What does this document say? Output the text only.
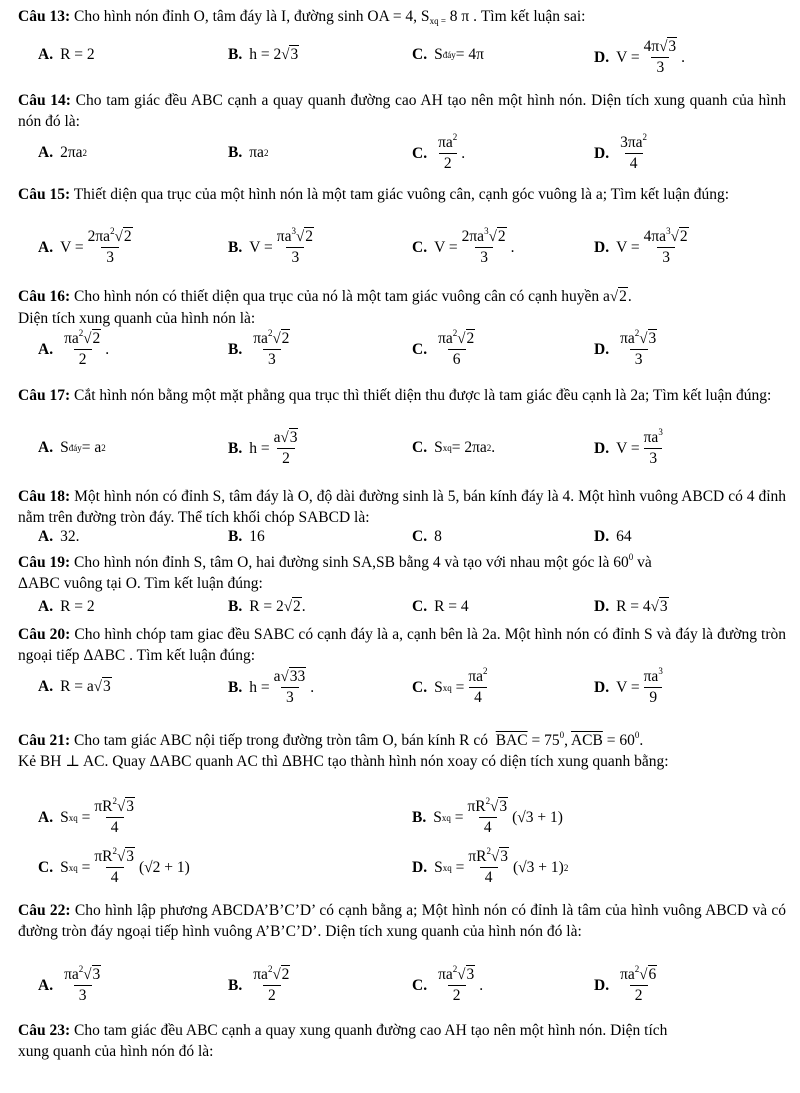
Câu 13: Cho hình nón đỉnh O, tâm đáy là I, đường sinh OA = 4, $S_{xq =}$ 8 π . Tìm kết luận sai:
A. R = 2	B. h = 2 √3	C. S đáy = 4π	D. $V = \frac{4\pi√3}{3}$ .
Câu 14: Cho tam giác đều ABC cạnh a quay quanh đường cao AH tạo nên một hình nón. Diện tích xung quanh của hình nón đó là:
A. 2πa 2	B. πa 2	C. $\frac{\pi a^2}{2}$ .	D. $\frac{3\pi a^2}{4}$
Câu 15: Thiết diện qua trục của một hình nón là một tam giác vuông cân, cạnh góc vuông là a; Tìm kết luận đúng:
A. $V = \frac{2\pi a^2√2}{3}$	B. $V = \frac{\pi a^3√2}{3}$	C. $V = \frac{2\pi a^3√2}{3}$ .	D. $V = \frac{4\pi a^3√2}{3}$
Câu 16: Cho hình nón có thiết diện qua trục của nó là một tam giác vuông cân có cạnh huyền a√2.
Diện tích xung quanh của hình nón là:
A. $\frac{\pi a^2√2}{2}$ .	B. $\frac{\pi a^2√2}{3}$	C. $\frac{\pi a^2√2}{6}$	D. $\frac{\pi a^2√3}{3}$
Câu 17: Cắt hình nón bằng một mặt phẳng qua trục thì thiết diện thu được là tam giác đều cạnh là 2a; Tìm kết luận đúng:
A. S đáy = a 2	B. $h = \frac{a√3}{2}$	C. S xq = 2πa 2 .	D. $V = \frac{\pi a^3}{3}$
Câu 18: Một hình nón có đỉnh S, tâm đáy là O, độ dài đường sinh là 5, bán kính đáy là 4. Một hình vuông ABCD có 4 đỉnh nằm trên đường tròn đáy. Thể tích khối chóp SABCD là:
A. 32.	B. 16	C. 8	D. 64
Câu 19: Cho hình nón đỉnh S, tâm O, hai đường sinh SA,SB bằng 4 và tạo với nhau một góc là $60^0$ và
ΔABC vuông tại O. Tìm kết luận đúng:
A. R = 2	B. R = 2 √2 .	C. R = 4	D. R = 4 √3
Câu 20: Cho hình chóp tam giac đều SABC có cạnh đáy là a, cạnh bên là 2a. Một hình nón có đỉnh S và đáy là đường tròn ngoại tiếp ΔABC . Tìm kết luận đúng:
A. R = a √3	B. $h = \frac{a√33}{3}$ .	C. S xq = $\frac{\pi a^2}{4}$	D. $V = \frac{\pi a^3}{9}$
Câu 21: Cho tam giác ABC nội tiếp trong đường tròn tâm O, bán kính R có $\overline{BAC} = 75^0$, $\overline{ACB} = 60^0$.
Kẻ BH ⊥ AC. Quay ΔABC quanh AC thì ΔBHC tạo thành hình nón xoay có diện tích xung quanh bằng:
A. S xq = $\frac{\pi R^2√3}{4}$	B. S xq = $\frac{\pi R^2√3}{4} (√3 + 1)$
C. S xq = $\frac{\pi R^2√3}{4} (√2 + 1)$	D. S xq = $\frac{\pi R^2√3}{4} (√3 + 1)$ 2
Câu 22: Cho hình lập phương ABCDA’B’C’D’ có cạnh bằng a; Một hình nón có đỉnh là tâm của hình vuông ABCD và có đường tròn đáy ngoại tiếp hình vuông A’B’C’D’. Diện tích xung quanh của hình nón đó là:
A. $\frac{\pi a^2√3}{3}$	B. $\frac{\pi a^2√2}{2}$	C. $\frac{\pi a^2√3}{2}$ .	D. $\frac{\pi a^2√6}{2}$
Câu 23: Cho tam giác đều ABC cạnh a quay xung quanh đường cao AH tạo nên một hình nón. Diện tích
xung quanh của hình nón đó là:
